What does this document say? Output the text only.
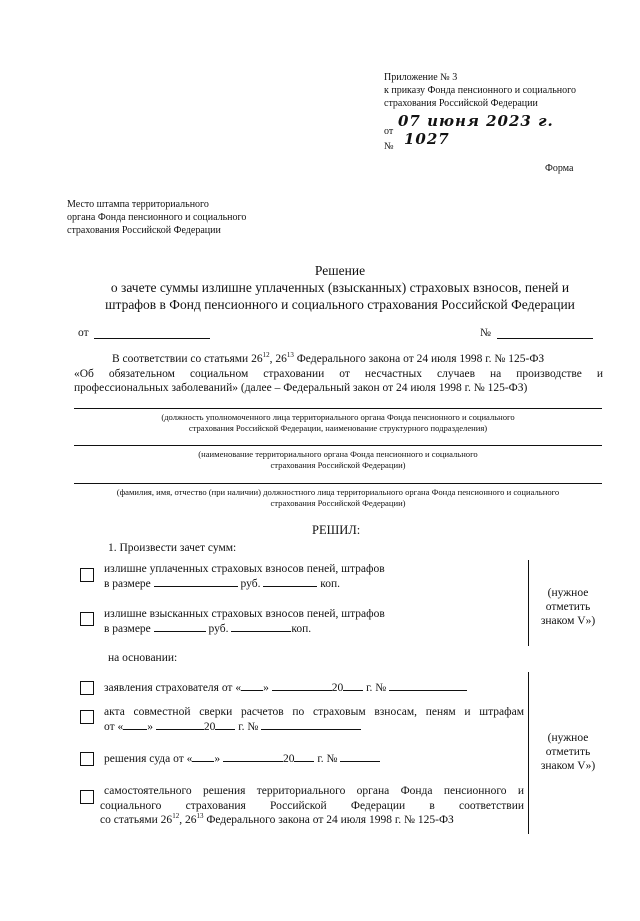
Приложение № 3
к приказу Фонда пенсионного и социального
страхования Российской Федерации
от
07 июня 2023 г.
№ 1027
Форма
Место штампа территориального
органа Фонда пенсионного и социального
страхования Российской Федерации
Решение
о зачете суммы излишне уплаченных (взысканных) страховых взносов, пеней и
штрафов в Фонд пенсионного и социального страхования Российской Федерации
от	№
В соответствии со статьями $26^{12}$, $26^{13}$ Федерального закона от 24 июля 1998 г. № 125-ФЗ
«Об обязательном социальном страховании от несчастных случаев на производстве и
профессиональных заболеваний» (далее – Федеральный закон от 24 июля 1998 г. № 125-ФЗ)
(должность уполномоченного лица территориального органа Фонда пенсионного и социального
страхования Российской Федерации, наименование структурного подразделения)
(наименование территориального органа Фонда пенсионного и социального
страхования Российской Федерации)
(фамилия, имя, отчество (при наличии) должностного лица территориального органа Фонда пенсионного и социального
страхования Российской Федерации)
РЕШИЛ:
1. Произвести зачет сумм:
излишне уплаченных страховых взносов пеней, штрафов
в размере	руб.	коп.
излишне взысканных страховых взносов пеней, штрафов
в размере	руб.	коп.
(нужное
отметить
знаком V»)
на основании:
заявления страхователя от « »	20 г. №
акта совместной сверки расчетов по страховым взносам, пеням и штрафам
от « »	20 г. №
решения суда от « »	20 г. №
самостоятельного решения территориального органа Фонда пенсионного и
социального страхования Российской Федерации в соответствии
со статьями $26^{12}$, $26^{13}$ Федерального закона от 24 июля 1998 г. № 125-ФЗ
(нужное
отметить
знаком V»)
